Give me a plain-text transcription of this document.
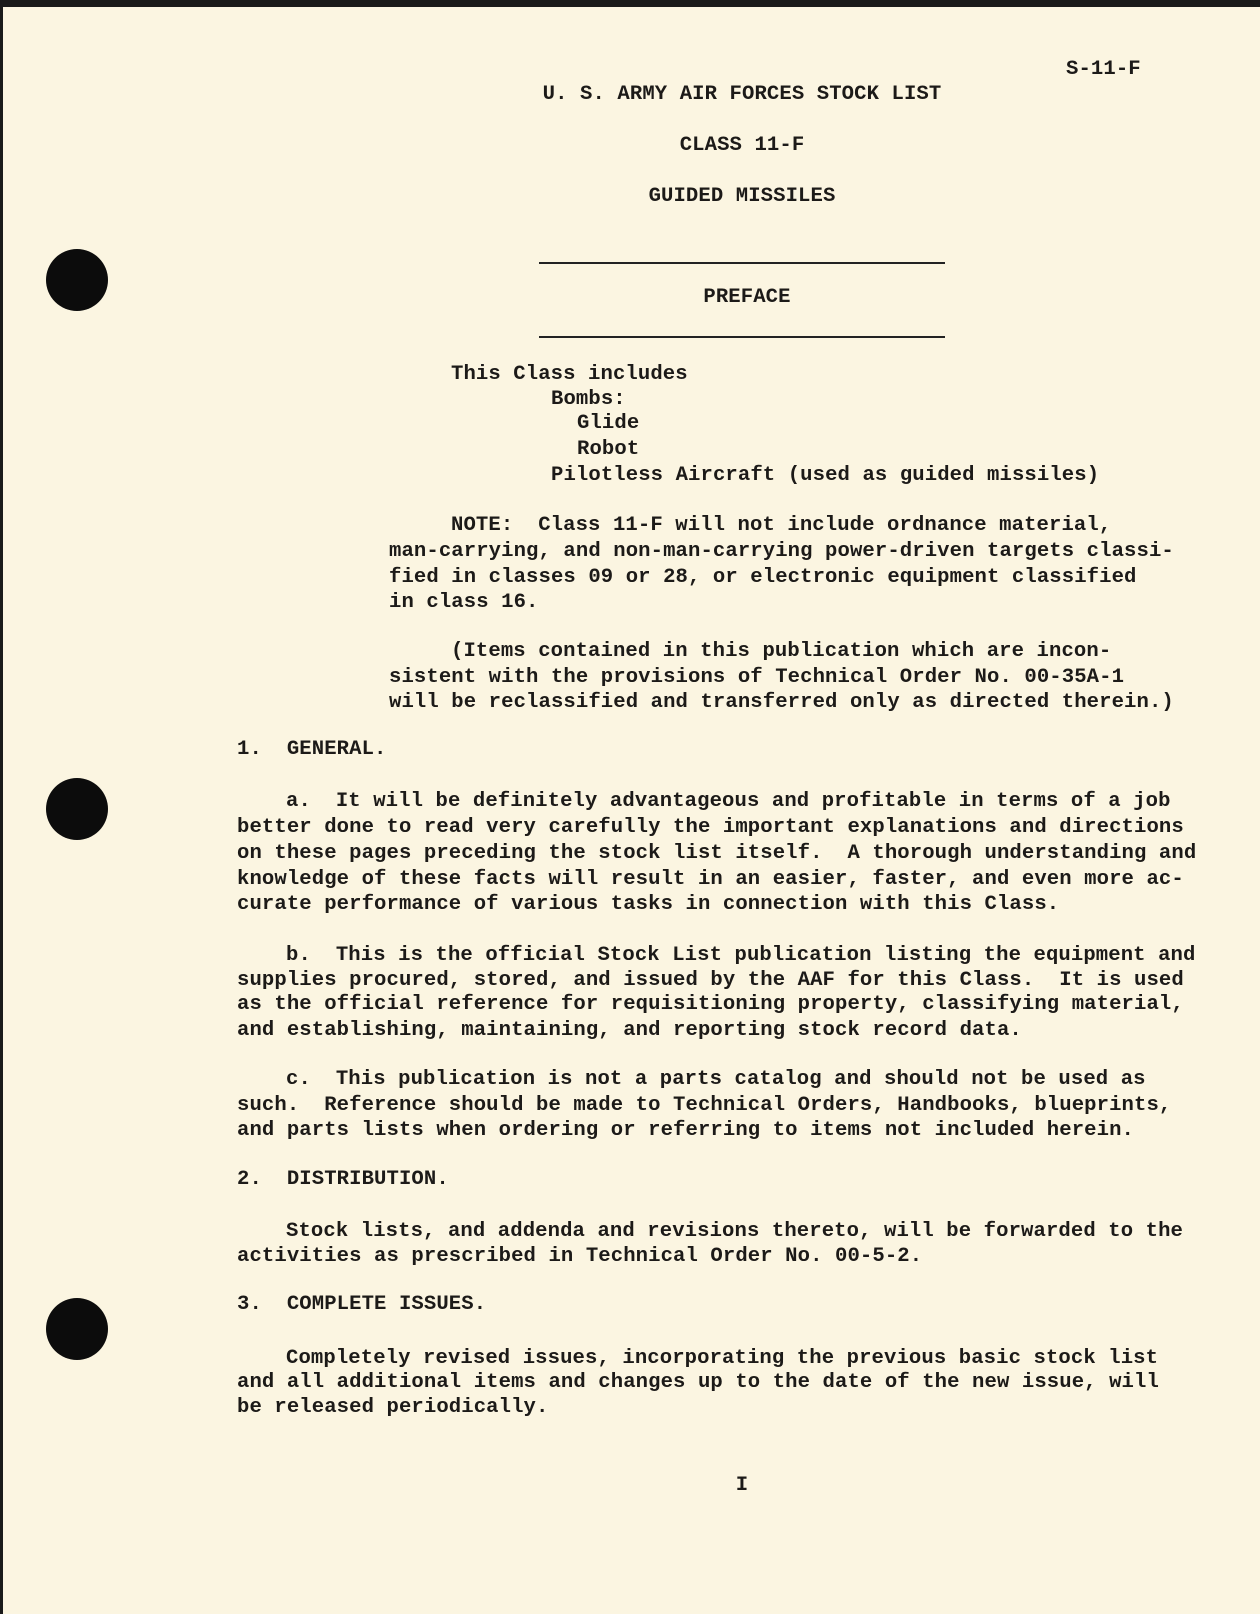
S-11-F
U. S. ARMY AIR FORCES STOCK LIST
CLASS 11-F
GUIDED MISSILES
PREFACE
This Class includes
Bombs:
Glide
Robot
Pilotless Aircraft (used as guided missiles)
NOTE:  Class 11-F will not include ordnance material,
man-carrying, and non-man-carrying power-driven targets classi-
fied in classes 09 or 28, or electronic equipment classified
in class 16.
(Items contained in this publication which are incon-
sistent with the provisions of Technical Order No. 00-35A-1
will be reclassified and transferred only as directed therein.)
1.  GENERAL.
a.  It will be definitely advantageous and profitable in terms of a job
better done to read very carefully the important explanations and directions
on these pages preceding the stock list itself.  A thorough understanding and
knowledge of these facts will result in an easier, faster, and even more ac-
curate performance of various tasks in connection with this Class.
b.  This is the official Stock List publication listing the equipment and
supplies procured, stored, and issued by the AAF for this Class.  It is used
as the official reference for requisitioning property, classifying material,
and establishing, maintaining, and reporting stock record data.
c.  This publication is not a parts catalog and should not be used as
such.  Reference should be made to Technical Orders, Handbooks, blueprints,
and parts lists when ordering or referring to items not included herein.
2.  DISTRIBUTION.
Stock lists, and addenda and revisions thereto, will be forwarded to the
activities as prescribed in Technical Order No. 00-5-2.
3.  COMPLETE ISSUES.
Completely revised issues, incorporating the previous basic stock list
and all additional items and changes up to the date of the new issue, will
be released periodically.
I
